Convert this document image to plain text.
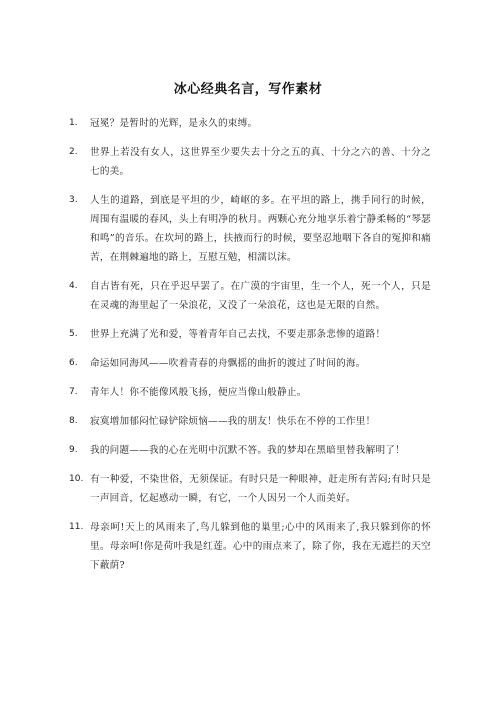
冰心经典名言，写作素材
1.	冠冕？是暂时的光辉，是永久的束缚。
2.	世界上若没有女人，这世界至少要失去十分之五的真、十分之六的善、十分之七的美。
3.	人生的道路，到底是平坦的少，崎岖的多。在平坦的路上，携手同行的时候，周围有温暖的春风，头上有明净的秋月。两颗心充分地享乐着宁静柔畅的“琴瑟和鸣”的音乐。在坎坷的路上，扶掖而行的时候，要坚忍地咽下各自的冤抑和痛苦，在荆棘遍地的路上，互慰互勉，相濡以沫。
4.	自古皆有死，只在乎迟早罢了。在广漠的宇宙里，生一个人，死一个人，只是在灵魂的海里起了一朵浪花，又没了一朵浪花，这也是无限的自然。
5.	世界上充满了光和爱，等着青年自己去找，不要走那条悲惨的道路！
6.	命运如同海风——吹着青春的舟飘摇的曲折的渡过了时间的海。
7.	青年人！你不能像风般飞扬，便应当像山般静止。
8.	寂寞增加郁闷忙碌铲除烦恼——我的朋友！快乐在不停的工作里！
9.	我的问题——我的心在光明中沉默不答。我的梦却在黑暗里替我解明了！
10. 有一种爱，不染世俗，无须保证。有时只是一种眼神，赶走所有苦闷;有时只是一声回音，忆起感动一瞬，有它，一个人因另一个人而美好。
11. 母亲呵!天上的风雨来了,鸟儿躲到他的巢里;心中的风雨来了,我只躲到你的怀里。母亲呵!你是荷叶我是红莲。心中的雨点来了，除了你，我在无遮拦的天空下蔽荫?
